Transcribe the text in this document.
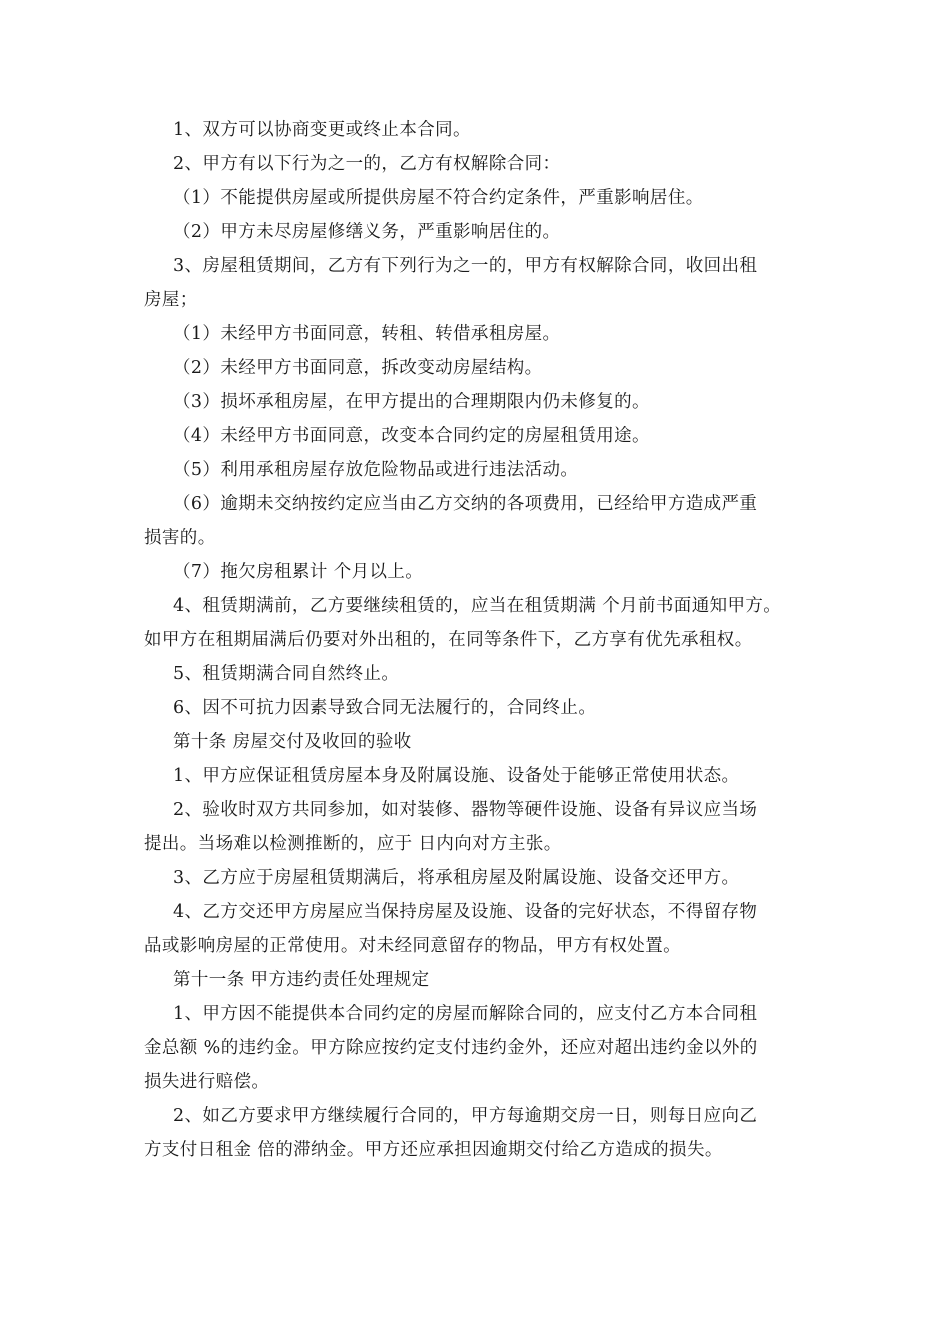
1、双方可以协商变更或终止本合同。
2、甲方有以下行为之一的，乙方有权解除合同：
（1）不能提供房屋或所提供房屋不符合约定条件，严重影响居住。
（2）甲方未尽房屋修缮义务，严重影响居住的。
3、房屋租赁期间，乙方有下列行为之一的，甲方有权解除合同，收回出租
房屋；
（1）未经甲方书面同意，转租、转借承租房屋。
（2）未经甲方书面同意，拆改变动房屋结构。
（3）损坏承租房屋，在甲方提出的合理期限内仍未修复的。
（4）未经甲方书面同意，改变本合同约定的房屋租赁用途。
（5）利用承租房屋存放危险物品或进行违法活动。
（6）逾期未交纳按约定应当由乙方交纳的各项费用，已经给甲方造成严重
损害的。
（7）拖欠房租累计 个月以上。
4、租赁期满前，乙方要继续租赁的，应当在租赁期满 个月前书面通知甲方。
如甲方在租期届满后仍要对外出租的，在同等条件下，乙方享有优先承租权。
5、租赁期满合同自然终止。
6、因不可抗力因素导致合同无法履行的，合同终止。
第十条 房屋交付及收回的验收
1、甲方应保证租赁房屋本身及附属设施、设备处于能够正常使用状态。
2、验收时双方共同参加，如对装修、器物等硬件设施、设备有异议应当场
提出。当场难以检测推断的，应于 日内向对方主张。
3、乙方应于房屋租赁期满后，将承租房屋及附属设施、设备交还甲方。
4、乙方交还甲方房屋应当保持房屋及设施、设备的完好状态，不得留存物
品或影响房屋的正常使用。对未经同意留存的物品，甲方有权处置。
第十一条 甲方违约责任处理规定
1、甲方因不能提供本合同约定的房屋而解除合同的，应支付乙方本合同租
金总额 %的违约金。甲方除应按约定支付违约金外，还应对超出违约金以外的
损失进行赔偿。
2、如乙方要求甲方继续履行合同的，甲方每逾期交房一日，则每日应向乙
方支付日租金 倍的滞纳金。甲方还应承担因逾期交付给乙方造成的损失。
